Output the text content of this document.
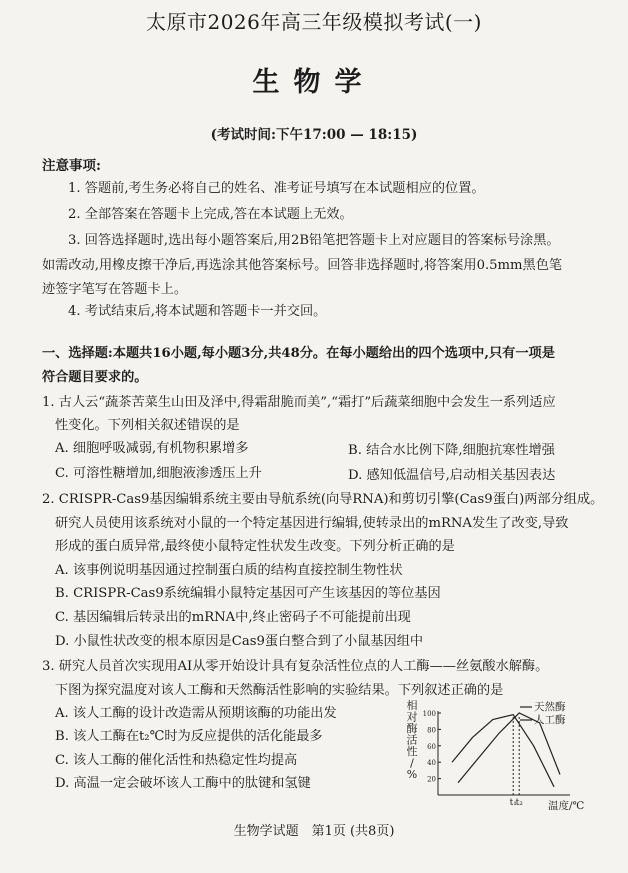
太原市2026年高三年级模拟考试(一)
生物学
(考试时间:下午17:00 — 18:15)
注意事项:
1. 答题前,考生务必将自己的姓名、准考证号填写在本试题相应的位置。
2. 全部答案在答题卡上完成,答在本试题上无效。
3. 回答选择题时,选出每小题答案后,用2B铅笔把答题卡上对应题目的答案标号涂黑。
如需改动,用橡皮擦干净后,再选涂其他答案标号。回答非选择题时,将答案用0.5mm黑色笔
迹签字笔写在答题卡上。
4. 考试结束后,将本试题和答题卡一并交回。
一、选择题:本题共16小题,每小题3分,共48分。在每小题给出的四个选项中,只有一项是
符合题目要求的。
1. 古人云“蔬茶苦菜生山田及泽中,得霜甜脆而美”,“霜打”后蔬菜细胞中会发生一系列适应
性变化。下列相关叙述错误的是
A. 细胞呼吸减弱,有机物积累增多	B. 结合水比例下降,细胞抗寒性增强
C. 可溶性糖增加,细胞液渗透压上升	D. 感知低温信号,启动相关基因表达
2. CRISPR-Cas9基因编辑系统主要由导航系统(向导RNA)和剪切引擎(Cas9蛋白)两部分组成。
研究人员使用该系统对小鼠的一个特定基因进行编辑,使转录出的mRNA发生了改变,导致
形成的蛋白质异常,最终使小鼠特定性状发生改变。下列分析正确的是
A. 该事例说明基因通过控制蛋白质的结构直接控制生物性状
B. CRISPR-Cas9系统编辑小鼠特定基因可产生该基因的等位基因
C. 基因编辑后转录出的mRNA中,终止密码子不可能提前出现
D. 小鼠性状改变的根本原因是Cas9蛋白整合到了小鼠基因组中
3. 研究人员首次实现用AI从零开始设计具有复杂活性位点的人工酶——丝氨酸水解酶。
下图为探究温度对该人工酶和天然酶活性影响的实验结果。下列叙述正确的是
A. 该人工酶的设计改造需从预期该酶的功能出发
B. 该人工酶在t₂℃时为反应提供的活化能最多
C. 该人工酶的催化活性和热稳定性均提高
D. 高温一定会破坏该人工酶中的肽键和氢键
相对酶活性/ %
100
80
60
40
20
t₁
t₂ 温度/℃
天然酶
人工酶
生物学试题　第1页 (共8页)
